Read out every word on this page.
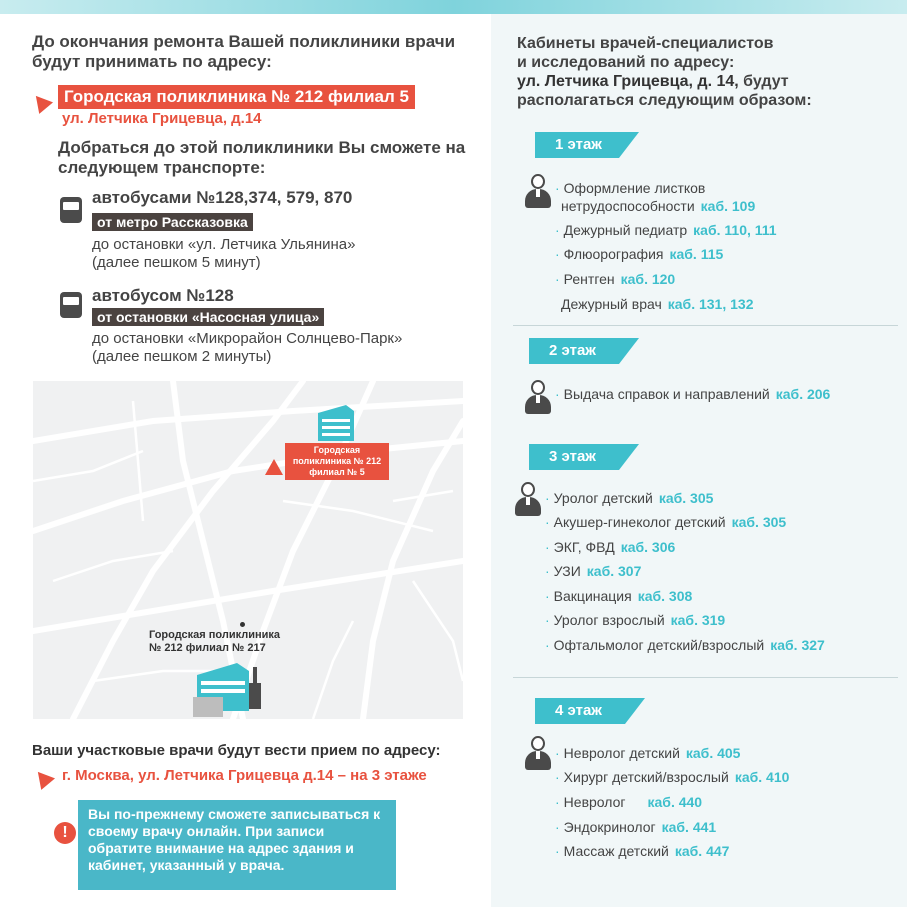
До окончания ремонта Вашей поликлиники врачи будут принимать по адресу:
Городская поликлиника № 212 филиал 5
ул. Летчика Грицевца, д.14
Добраться до этой поликлиники Вы сможете на следующем транспорте:
автобусами №128,374, 579, 870
от метро Рассказовка
до остановки «ул. Летчика Ульянина»
(далее пешком 5 минут)
автобусом №128
от остановки «Насосная улица»
до остановки «Микрорайон Солнцево-Парк»
(далее пешком 2 минуты)
Городская поликлиника № 212 филиал № 5
Городская поликлиника
№ 212 филиал № 217
Ваши участковые врачи будут вести прием по адресу:
г. Москва, ул. Летчика Грицевца д.14 – на 3 этаже
!
Вы по-прежнему сможете записываться к своему врачу онлайн. При записи обратите внимание на адрес здания и кабинет, указанный у врача.
Кабинеты врачей-специалистов
и исследований по адресу:
ул. Летчика Грицевца, д. 14, будут
располагаться следующим образом:
1 этаж
· Оформление листков
нетрудоспособности каб. 109
· Дежурный педиатр каб. 110, 111
· Флюорография каб. 115
· Рентген каб. 120
Дежурный врач каб. 131, 132
2 этаж
· Выдача справок и направлений каб. 206
3 этаж
· Уролог детский каб. 305
· Акушер-гинеколог детский каб. 305
· ЭКГ, ФВД каб. 306
· УЗИ каб. 307
· Вакцинация каб. 308
· Уролог взрослый каб. 319
· Офтальмолог детский/взрослый каб. 327
4 этаж
· Невролог детский каб. 405
· Хирург детский/взрослый каб. 410
· Невролог каб. 440
· Эндокринолог каб. 441
· Массаж детский каб. 447
